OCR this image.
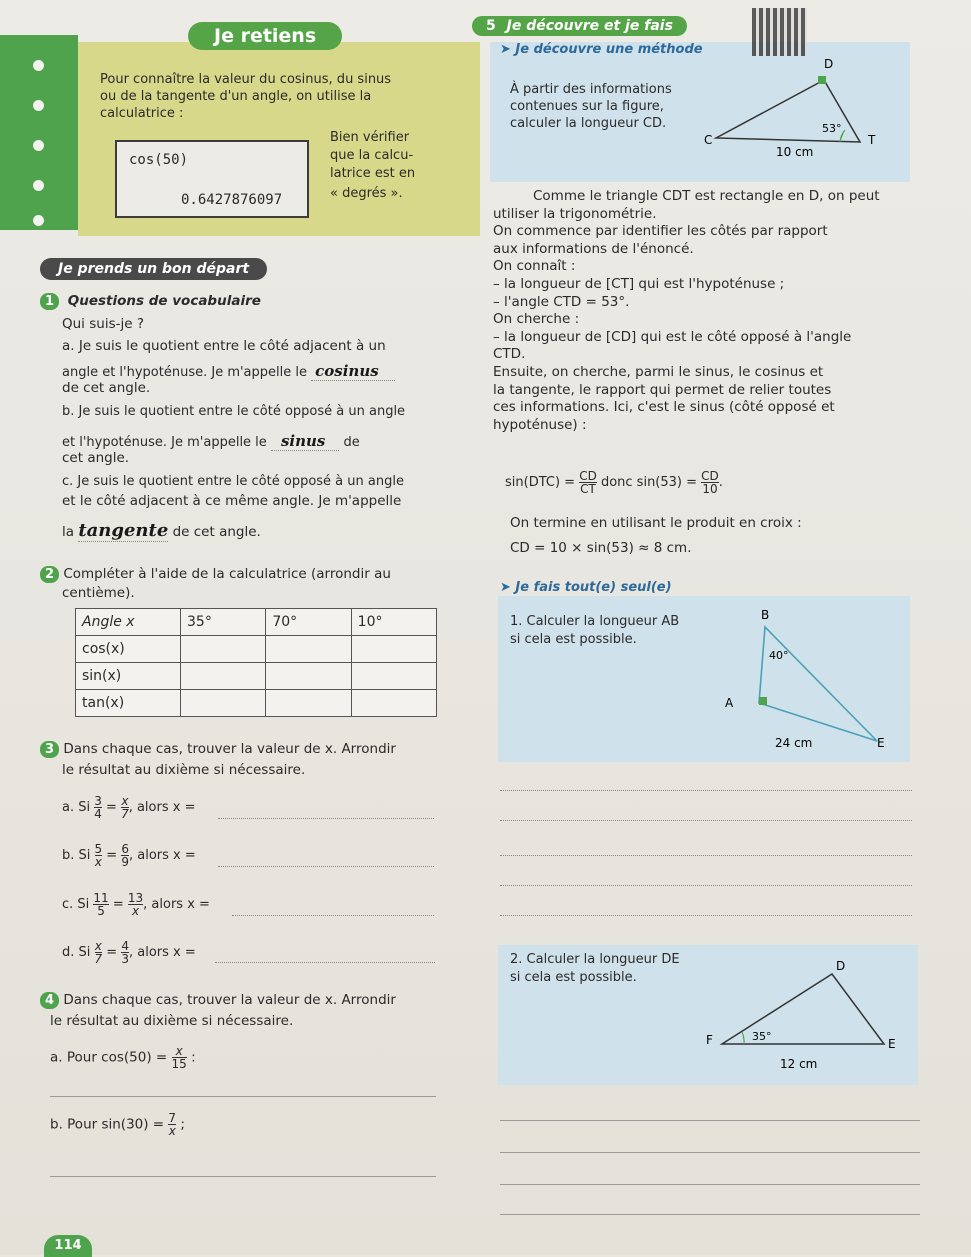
Je retiens
Pour connaître la valeur du cosinus, du sinus
ou de la tangente d'un angle, on utilise la
calculatrice :
cos(50)
0.6427876097
Bien vérifier
que la calcu-
latrice est en
« degrés ».
5 Je découvre et je fais
➤ Je découvre une méthode
À partir des informations
contenues sur la figure,
calculer la longueur CD.
D
C	T
53°
10 cm
Comme le triangle CDT est rectangle en D, on peut
utiliser la trigonométrie.
On commence par identifier les côtés par rapport
aux informations de l'énoncé.
On connaît :
– la longueur de [CT] qui est l'hypoténuse ;
– l'angle CTD = 53°.
On cherche :
– la longueur de [CD] qui est le côté opposé à l'angle
CTD.
Ensuite, on cherche, parmi le sinus, le cosinus et
la tangente, le rapport qui permet de relier toutes
ces informations. Ici, c'est le sinus (côté opposé et
hypoténuse) :
$\sin(DTC) = \frac{CD}{CT}$ donc $\sin(53) = \frac{CD}{10}$ .
On termine en utilisant le produit en croix :
CD = 10 × sin(53) ≈ 8 cm.
➤ Je fais tout(e) seul(e)
1. Calculer la longueur AB
si cela est possible.
B
A
E
40°
24 cm
2. Calculer la longueur DE
si cela est possible.
D
F	E
35°
12 cm
Je prends un bon départ
1 Questions de vocabulaire
Qui suis-je ?
a. Je suis le quotient entre le côté adjacent à un
angle et l'hypoténuse. Je m'appelle le cosinus
de cet angle.
b. Je suis le quotient entre le côté opposé à un angle
et l'hypoténuse. Je m'appelle le sinus de
cet angle.
c. Je suis le quotient entre le côté opposé à un angle
et le côté adjacent à ce même angle. Je m'appelle
la tangente de cet angle.
2 Compléter à l'aide de la calculatrice (arrondir au
centième).
Angle x	35°	70°	10°
cos(x)			
sin(x)			
tan(x)			
3 Dans chaque cas, trouver la valeur de x. Arrondir
le résultat au dixième si nécessaire.
a. Si $\frac{3}{4} = \frac{x}{7}$ , alors x =
b. Si $\frac{5}{x} = \frac{6}{9}$ , alors x =
c. Si $\frac{11}{5} = \frac{13}{x}$ , alors x =
d. Si $\frac{x}{7} = \frac{4}{3}$ , alors x =
4 Dans chaque cas, trouver la valeur de x. Arrondir
le résultat au dixième si nécessaire.
a. Pour $\cos(50) = \frac{x}{15}$ :
b. Pour $\sin(30) = \frac{7}{x}$ ;
114
